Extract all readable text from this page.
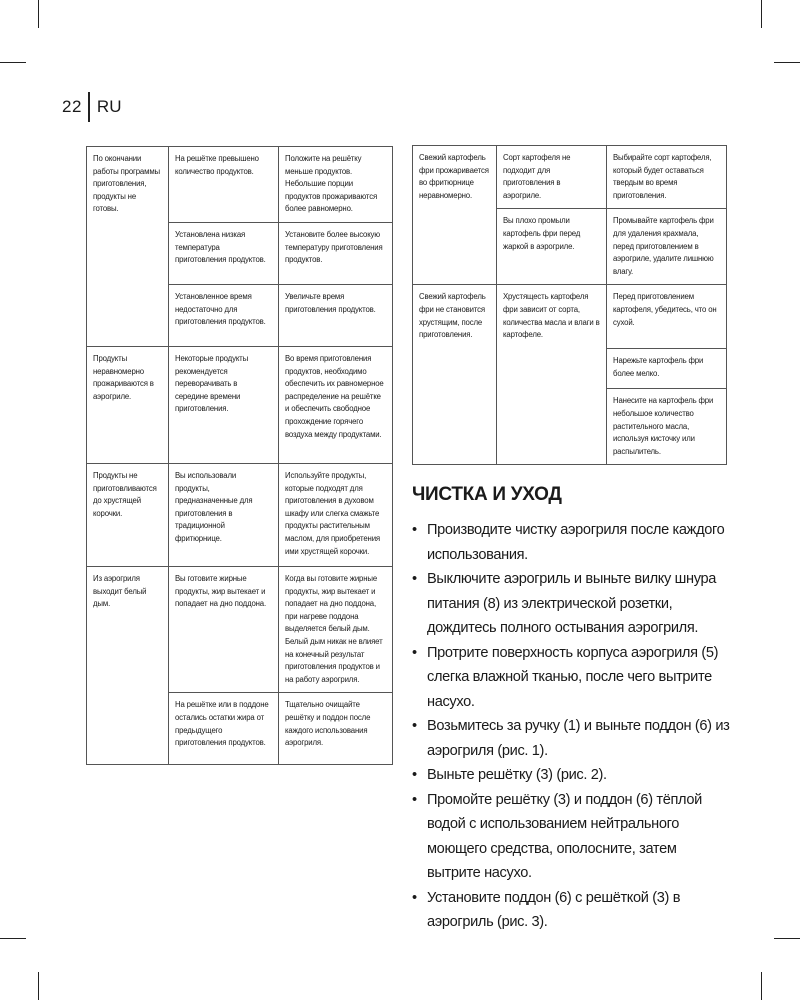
22 RU
По окончании работы программы приготовления, продукты не готовы.	На решётке превышено количество продуктов.	Положите на решётку меньше продуктов. Небольшие порции продуктов прожариваются более равномерно.
	Установлена низкая температура приготовления продуктов.	Установите более высокую температуру приготовления продуктов.
	Установленное время недостаточно для приготовления продуктов.	Увеличьте время приготовления продуктов.
Продукты неравномерно прожариваются в аэрогриле.	Некоторые продукты рекомендуется переворачивать в середине времени приготовления.	Во время приготовления продуктов, необходимо обеспечить их равномерное распределение на решётке и обеспечить свободное прохождение горячего воздуха между продуктами.
Продукты не приготовливаются до хрустящей корочки.	Вы использовали продукты, предназначенные для приготовления в традиционной фритюрнице.	Используйте продукты, которые подходят для приготовления в духовом шкафу или слегка смажьте продукты растительным маслом, для приобретения ими хрустящей корочки.
Из аэрогриля выходит белый дым.	Вы готовите жирные продукты, жир вытекает и попадает на дно поддона.	Когда вы готовите жирные продукты, жир вытекает и попадает на дно поддона, при нагреве поддона выделяется белый дым. Белый дым никак не влияет на конечный результат приготовления продуктов и на работу аэрогриля.
	На решётке или в поддоне остались остатки жира от предыдущего приготовления продуктов.	Тщательно очищайте решётку и поддон после каждого использования аэрогриля.
Свежий картофель фри прожаривается во фритюрнице неравномерно.	Сорт картофеля не подходит для приготовления в аэрогриле.	Выбирайте сорт картофеля, который будет оставаться твердым во время приготовления.
	Вы плохо промыли картофель фри перед жаркой в аэрогриле.	Промывайте картофель фри для удаления крахмала, перед приготовлением в аэрогриле, удалите лишнюю влагу.
Свежий картофель фри не становится хрустящим, после приготовления.	Хрустящесть картофеля фри зависит от сорта, количества масла и влаги в картофеле.	Перед приготовлением картофеля, убедитесь, что он сухой.
		Нарежьте картофель фри более мелко.
		Нанесите на картофель фри небольшое количество растительного масла, используя кисточку или распылитель.
ЧИСТКА И УХОД
• Производите чистку аэрогриля после каждого использования.
• Выключите аэрогриль и выньте вилку шнура питания (8) из электрической розетки, дождитесь полного остывания аэрогриля.
• Протрите поверхность корпуса аэрогриля (5) слегка влажной тканью, после чего вытрите насухо.
• Возьмитесь за ручку (1) и выньте поддон (6) из аэрогриля (рис. 1).
• Выньте решётку (3) (рис. 2).
• Промойте решётку (3) и поддон (6) тёплой водой с использованием нейтрального моющего средства, ополосните, затем вытрите насухо.
• Установите поддон (6) с решёткой (3) в аэрогриль (рис. 3).
